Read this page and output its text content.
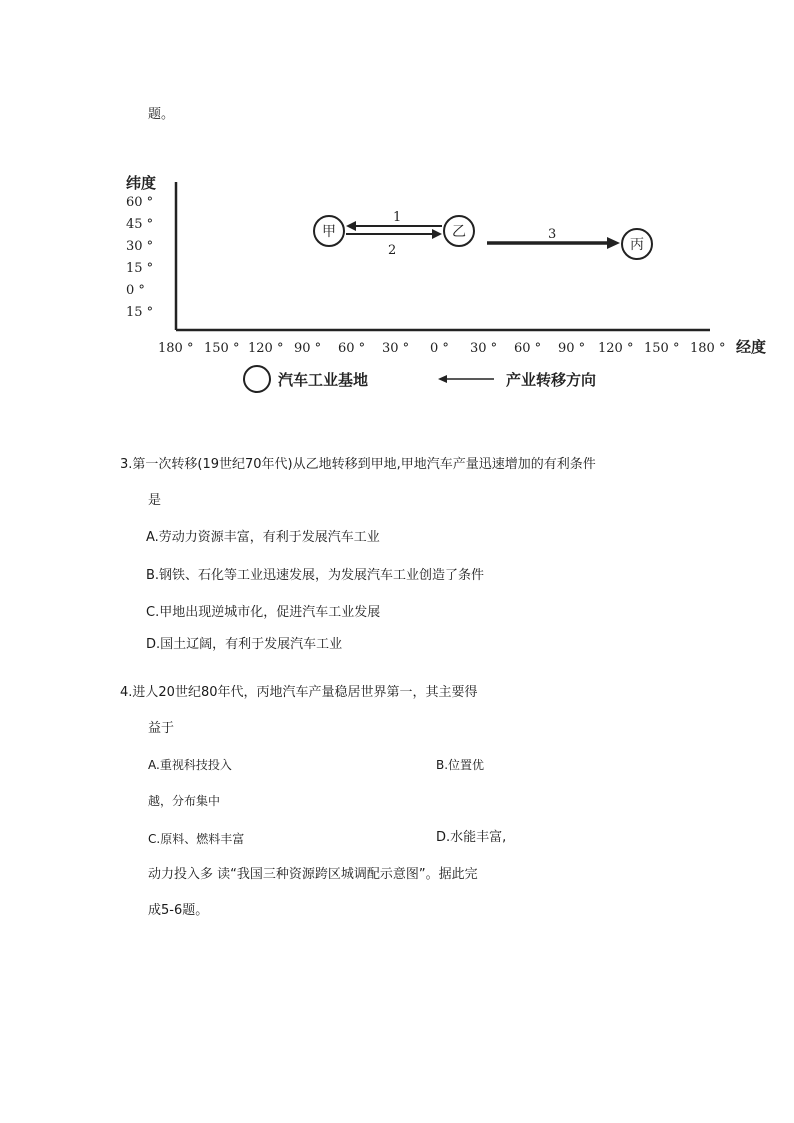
题。
纬度
60 °
45 °
30 °
15 °
0 °
15 °
180 ° 150 ° 120 ° 90 ° 60 ° 30 ° 0 ° 30 ° 60 ° 90 ° 120 ° 150 ° 180 ° 经度
甲	乙
丙
1
2
3
汽车工业基地	产业转移方向
3.第一次转移(19世纪70年代)从乙地转移到甲地,甲地汽车产量迅速增加的有利条件
是
A.劳动力资源丰富，有利于发展汽车工业
B.钢铁、石化等工业迅速发展，为发展汽车工业创造了条件
C.甲地出现逆城市化，促进汽车工业发展
D.国土辽阔，有利于发展汽车工业
4.进人20世纪80年代，丙地汽车产量稳居世界第一，其主要得
益于
A.重视科技投入	B.位置优
越，分布集中
C.原料、燃料丰富	D.水能丰富,
动力投入多 读“我国三种资源跨区城调配示意图”。据此完
成5-6题。
